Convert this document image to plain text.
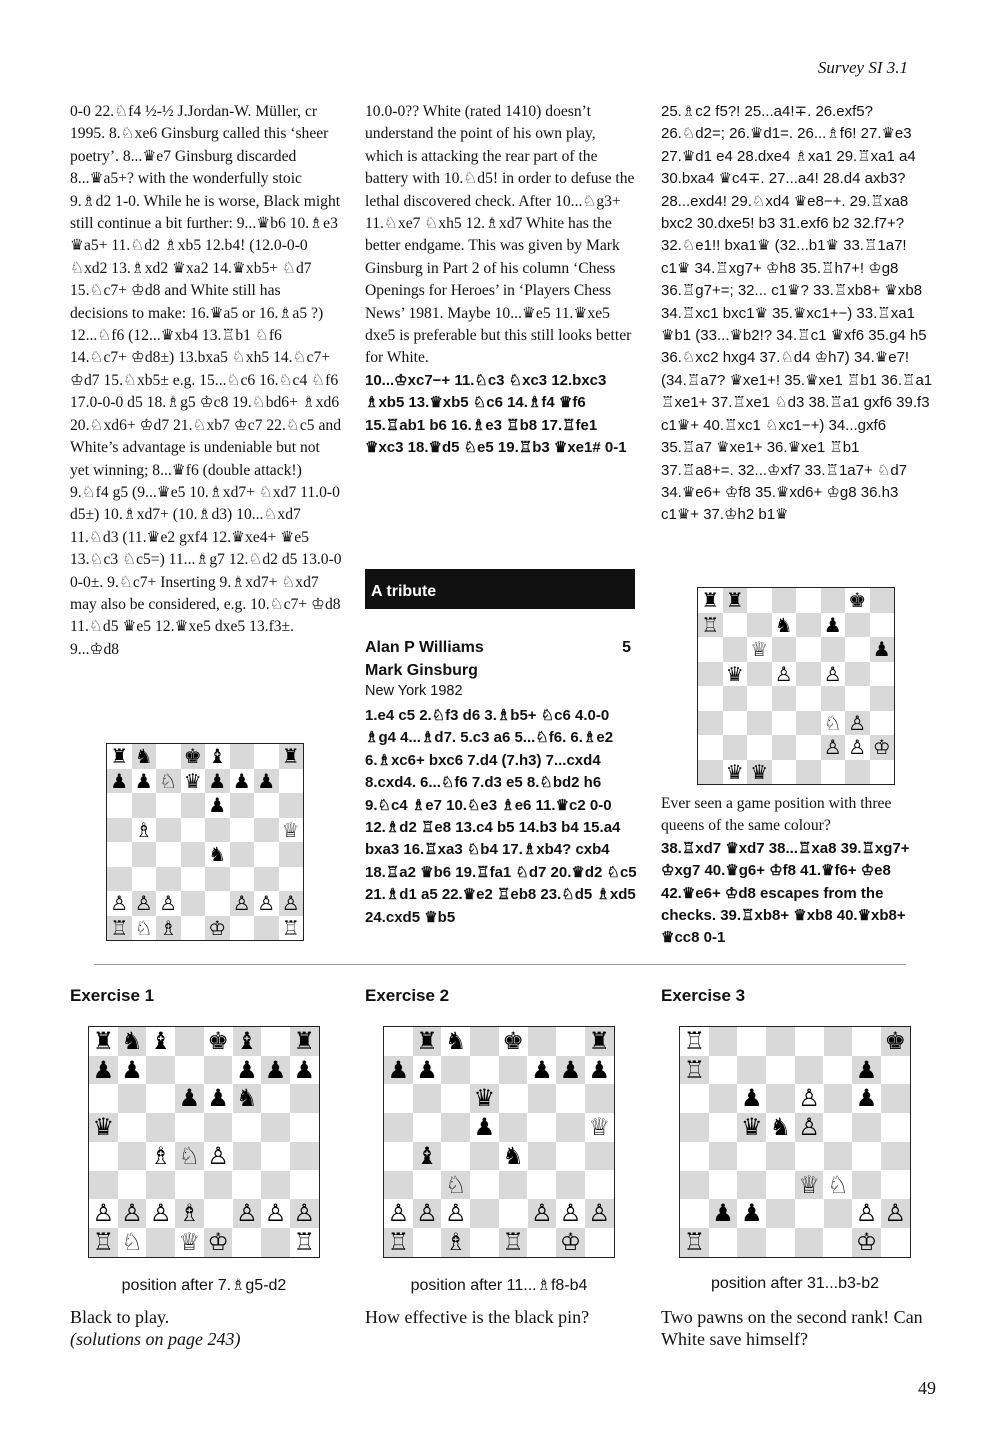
Survey SI 3.1

0-0 22.♘f4 ½-½ J.Jordan-W. Müller, cr 1995. 8.♘xe6 Ginsburg called this ‘sheer poetry’. 8...♛e7 Ginsburg discarded 8...♛a5+? with the wonderfully stoic 9.♗d2 1-0. While he is worse, Black might still continue a bit further: 9...♛b6 10.♗e3 ♛a5+ 11.♘d2 ♗xb5 12.b4! (12.0-0-0 ♘xd2 13.♗xd2 ♛xa2 14.♛xb5+ ♘d7 15.♘c7+ ♔d8 and White still has decisions to make: 16.♛a5 or 16.♗a5 ?) 12...♘f6 (12...♛xb4 13.♖b1 ♘f6 14.♘c7+ ♔d8±) 13.bxa5 ♘xh5 14.♘c7+ ♔d7 15.♘xb5± e.g. 15...♘c6 16.♘c4 ♘f6 17.0-0-0 d5 18.♗g5 ♔c8 19.♘bd6+ ♗xd6 20.♘xd6+ ♔d7 21.♘xb7 ♔c7 22.♘c5 and White’s advantage is undeniable but not yet winning; 8...♛f6 (double attack!) 9.♘f4 g5 (9...♛e5 10.♗xd7+ ♘xd7 11.0-0 d5±) 10.♗xd7+ (10.♗d3) 10...♘xd7 11.♘d3 (11.♛e2 gxf4 12.♛xe4+ ♛e5 13.♘c3 ♘c5=) 11...♗g7 12.♘d2 d5 13.0-0 0-0±. 9.♘c7+ Inserting 9.♗xd7+ ♘xd7 may also be considered, e.g. 10.♘c7+ ♔d8 11.♘d5 ♛e5 12.♛xe5 dxe5 13.f3±. 9...♔d8

10.0-0?? White (rated 1410) doesn’t understand the point of his own play, which is attacking the rear part of the battery with 10.♘d5! in order to defuse the lethal discovered check. After 10...♘g3+ 11.♘xe7 ♘xh5 12.♗xd7 White has the better endgame. This was given by Mark Ginsburg in Part 2 of his column ‘Chess Openings for Heroes’ in ‘Players Chess News’ 1981. Maybe 10...♛e5 11.♛xe5 dxe5 is preferable but this still looks better for White.

10...♔xc7−+ 11.♘c3 ♘xc3 12.bxc3 ♗xb5 13.♛xb5 ♘c6 14.♗f4 ♛f6 15.♖ab1 b6 16.♗e3 ♖b8 17.♖fe1 ♛xc3 18.♛d5 ♘e5 19.♖b3 ♛xe1# 0-1

A tribute
Alan P Williams
Mark Ginsburg
5
New York 1982
1.e4 c5 2.♘f3 d6 3.♗b5+ ♘c6 4.0-0 ♗g4 4...♗d7. 5.c3 a6 5...♘f6. 6.♗e2 6.♗xc6+ bxc6 7.d4 (7.h3) 7...cxd4 8.cxd4. 6...♘f6 7.d3 e5 8.♘bd2 h6 9.♘c4 ♗e7 10.♘e3 ♗e6 11.♛c2 0-0 12.♗d2 ♖e8 13.c4 b5 14.b3 b4 15.a4 bxa3 16.♖xa3 ♘b4 17.♗xb4? cxb4 18.♖a2 ♛b6 19.♖fa1 ♘d7 20.♛d2 ♘c5 21.♗d1 a5 22.♛e2 ♖eb8 23.♘d5 ♗xd5 24.cxd5 ♛b5

25.♗c2 f5?! 25...a4!∓. 26.exf5? 26.♘d2=; 26.♛d1=. 26...♗f6! 27.♛e3 27.♛d1 e4 28.dxe4 ♗xa1 29.♖xa1 a4 30.bxa4 ♛c4∓. 27...a4! 28.d4 axb3? 28...exd4! 29.♘xd4 ♛e8−+. 29.♖xa8 bxc2 30.dxe5! b3 31.exf6 b2 32.f7+? 32.♘e1!! bxa1♛ (32...b1♛ 33.♖1a7! c1♛ 34.♖xg7+ ♔h8 35.♖h7+! ♔g8 36.♖g7+=; 32... c1♛? 33.♖xb8+ ♛xb8 34.♖xc1 bxc1♛ 35.♛xc1+−) 33.♖xa1 ♛b1 (33...♛b2!? 34.♖c1 ♛xf6 35.g4 h5 36.♘xc2 hxg4 37.♘d4 ♔h7) 34.♛e7! (34.♖a7? ♛xe1+! 35.♛xe1 ♖b1 36.♖a1 ♖xe1+ 37.♖xe1 ♘d3 38.♖a1 gxf6 39.f3 c1♛+ 40.♖xc1 ♘xc1−+) 34...gxf6 35.♖a7 ♛xe1+ 36.♛xe1 ♖b1 37.♖a8+=. 32...♔xf7 33.♖1a7+ ♘d7 34.♛e6+ ♔f8 35.♛xd6+ ♔g8 36.h3 c1♛+ 37.♔h2 b1♛

♜ ♞ ♚ ♝	♜
♟ ♟ ♘ ♛ ♟ ♟ ♟
♟
♗	♕
♞
♙ ♙ ♙	♙ ♙ ♙
♖ ♘ ♗ ♔	♖
♜ ♜	♚
♖	♞ ♟
♕	♟
♛ ♙ ♙
♘ ♙
♙ ♙ ♔
♛ ♛

Ever seen a game position with three queens of the same colour?

38.♖xd7 ♛xd7 38...♖xa8 39.♖xg7+ ♔xg7 40.♛g6+ ♔f8 41.♛f6+ ♔e8 42.♛e6+ ♔d8 escapes from the checks. 39.♖xb8+ ♛xb8 40.♛xb8+ ♛cc8 0-1

Exercise 1	Exercise 2	Exercise 3
♜ ♞ ♝ ♚ ♝ ♜
♟ ♟	♟ ♟ ♟
♟ ♟ ♞
♛
♗ ♘ ♙
♙ ♙ ♙ ♗ ♙ ♙ ♙
♖ ♘ ♕ ♔	♖
♜ ♞ ♚	♜
♟ ♟	♟ ♟ ♟
♛
♟	♕
♝	♞
♘
♙ ♙ ♙	♙ ♙ ♙
♖ ♗ ♖ ♔
♖	♚
♖	♟
♟ ♙ ♟
♛ ♞ ♙
♕ ♘
♟ ♟	♙ ♙
♖	♔
position after 7.♗g5-d2	position after 11...♗f8-b4	position after 31...b3-b2
Black to play.
(solutions on page 243)
How effective is the black pin?	Two pawns on the second rank! Can White save himself?
49
